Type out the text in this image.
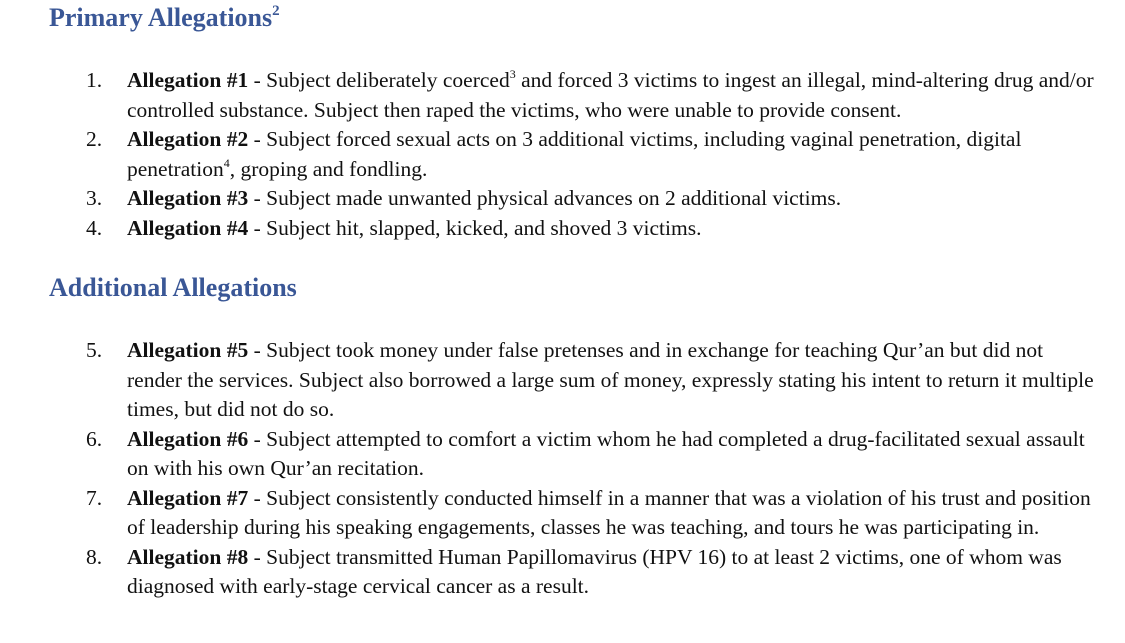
Primary Allegations$^2$
1. Allegation #1 - Subject deliberately coerced$^3$ and forced 3 victims to ingest an illegal, mind-altering drug and/or controlled substance. Subject then raped the victims, who were unable to provide consent.
2. Allegation #2 - Subject forced sexual acts on 3 additional victims, including vaginal penetration, digital penetration$^4$, groping and fondling.
3. Allegation #3 - Subject made unwanted physical advances on 2 additional victims.
4. Allegation #4 - Subject hit, slapped, kicked, and shoved 3 victims.
Additional Allegations
5. Allegation #5 - Subject took money under false pretenses and in exchange for teaching Qur’an but did not render the services. Subject also borrowed a large sum of money, expressly stating his intent to return it multiple times, but did not do so.
6. Allegation #6 - Subject attempted to comfort a victim whom he had completed a drug-facilitated sexual assault on with his own Qur’an recitation.
7. Allegation #7 - Subject consistently conducted himself in a manner that was a violation of his trust and position of leadership during his speaking engagements, classes he was teaching, and tours he was participating in.
8. Allegation #8 - Subject transmitted Human Papillomavirus (HPV 16) to at least 2 victims, one of whom was diagnosed with early-stage cervical cancer as a result.
